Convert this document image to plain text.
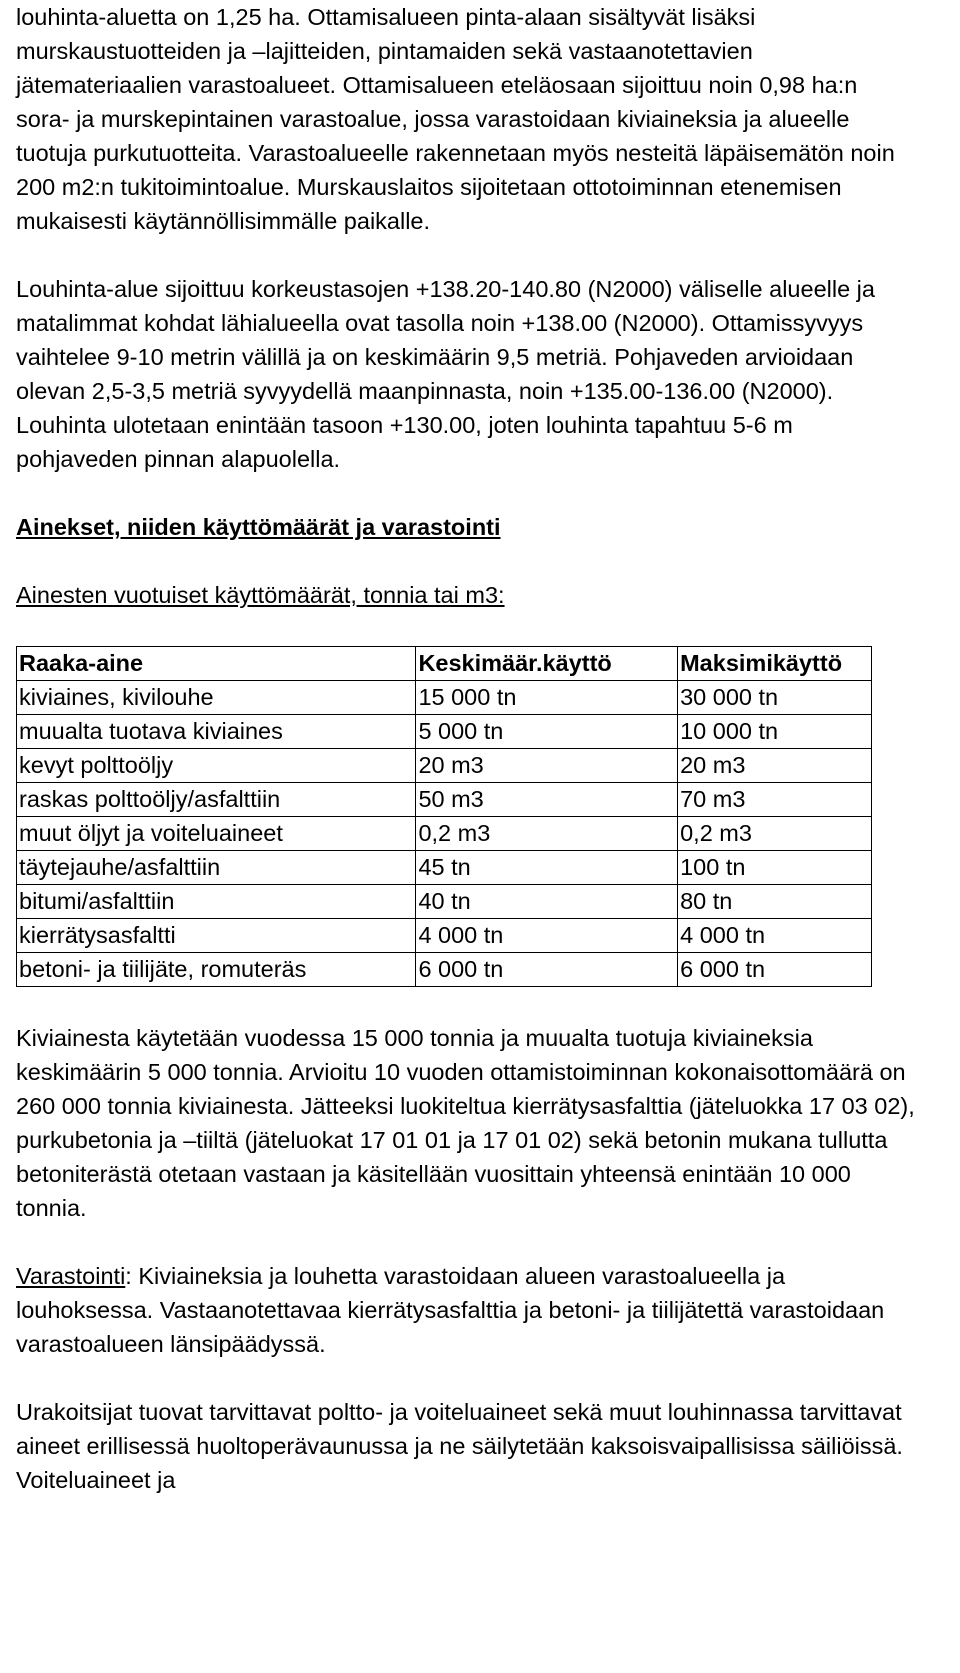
louhinta-aluetta on 1,25 ha. Ottamisalueen pinta-alaan sisältyvät lisäksi murskaustuotteiden ja –lajitteiden, pintamaiden sekä vastaanotettavien jätemateriaalien varastoalueet. Ottamisalueen eteläosaan sijoittuu noin 0,98 ha:n sora- ja murskepintainen varastoalue, jossa varastoidaan kiviaineksia ja alueelle tuotuja purkutuotteita. Varastoalueelle rakennetaan myös nesteitä läpäisemätön noin 200 m2:n tukitoimintoalue. Murskauslaitos sijoitetaan ottotoiminnan etenemisen mukaisesti käytännöllisimmälle paikalle.

Louhinta-alue sijoittuu korkeustasojen +138.20-140.80 (N2000) väliselle alueelle ja matalimmat kohdat lähialueella ovat tasolla noin +138.00 (N2000). Ottamissyvyys vaihtelee 9-10 metrin välillä ja on keskimäärin 9,5 metriä. Pohjaveden arvioidaan olevan 2,5-3,5 metriä syvyydellä maanpinnasta, noin +135.00-136.00 (N2000). Louhinta ulotetaan enintään tasoon +130.00, joten louhinta tapahtuu 5-6 m pohjaveden pinnan alapuolella.

Ainekset, niiden käyttömäärät ja varastointi

Ainesten vuotuiset käyttömäärät, tonnia tai m3:

Raaka-aine	Keskimäär.käyttö	Maksimikäyttö
kiviaines, kivilouhe	15 000 tn	30 000 tn
muualta tuotava kiviaines	5 000 tn	10 000 tn
kevyt polttoöljy	20 m3	20 m3
raskas polttoöljy/asfalttiin	50 m3	70 m3
muut öljyt ja voiteluaineet	0,2 m3	0,2 m3
täytejauhe/asfalttiin	45 tn	100 tn
bitumi/asfalttiin	40 tn	80 tn
kierrätysasfaltti	4 000 tn	4 000 tn
betoni- ja tiilijäte, romuteräs	6 000 tn	6 000 tn

Kiviainesta käytetään vuodessa 15 000 tonnia ja muualta tuotuja kiviaineksia keskimäärin 5 000 tonnia. Arvioitu 10 vuoden ottamistoiminnan kokonaisottomäärä on 260 000 tonnia kiviainesta. Jätteeksi luokiteltua kierrätysasfalttia (jäteluokka 17 03 02), purkubetonia ja –tiiltä (jäteluokat 17 01 01 ja 17 01 02) sekä betonin mukana tullutta betoniterästä otetaan vastaan ja käsitellään vuosittain yhteensä enintään 10 000 tonnia.

Varastointi: Kiviaineksia ja louhetta varastoidaan alueen varastoalueella ja louhoksessa. Vastaanotettavaa kierrätysasfalttia ja betoni- ja tiilijätettä varastoidaan varastoalueen länsipäädyssä.

Urakoitsijat tuovat tarvittavat poltto- ja voiteluaineet sekä muut louhinnassa tarvittavat aineet erillisessä huoltoperävaunussa ja ne säilytetään kaksoisvaipallisissa säiliöissä. Voiteluaineet ja
